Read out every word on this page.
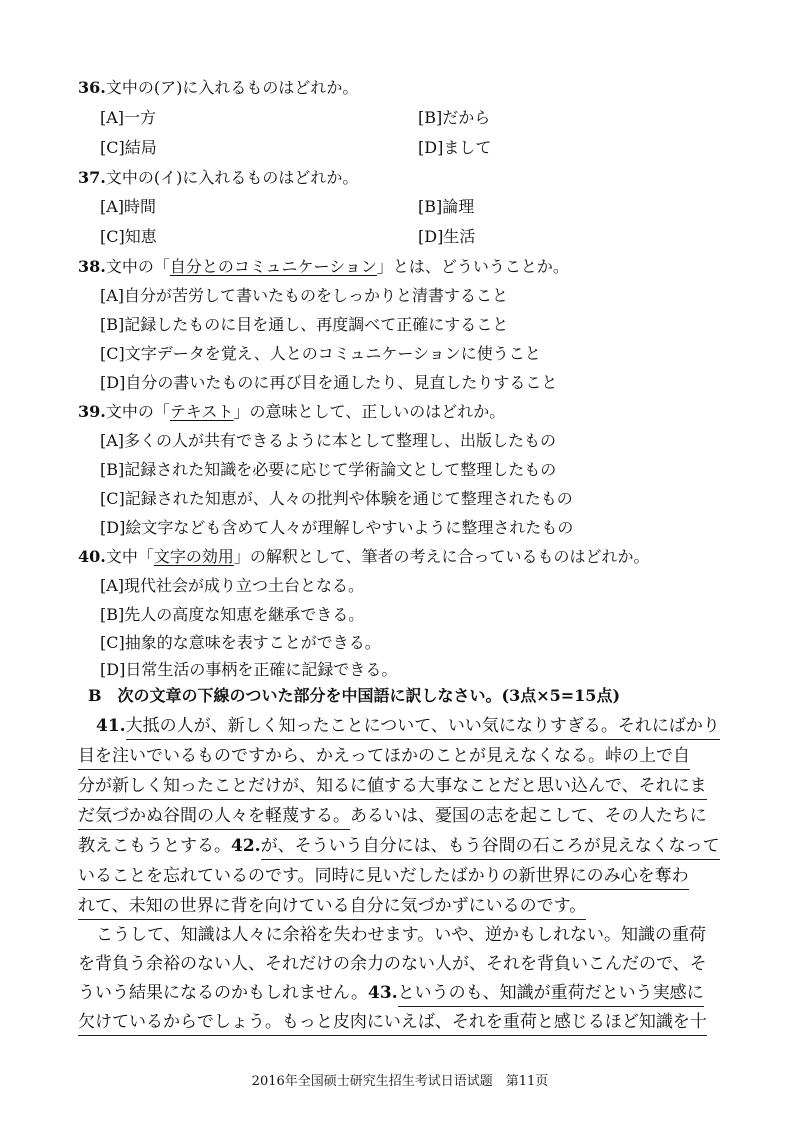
36.文中の(ア)に入れるものはどれか。
[A]一方	[B]だから
[C]結局	[D]まして
37.文中の(イ)に入れるものはどれか。
[A]時間	[B]論理
[C]知恵	[D]生活
38.文中の「自分とのコミュニケーション」とは、どういうことか。
[A]自分が苦労して書いたものをしっかりと清書すること
[B]記録したものに目を通し、再度調べて正確にすること
[C]文字データを覚え、人とのコミュニケーションに使うこと
[D]自分の書いたものに再び目を通したり、見直したりすること
39.文中の「テキスト」の意味として、正しいのはどれか。
[A]多くの人が共有できるように本として整理し、出版したもの
[B]記録された知識を必要に応じて学術論文として整理したもの
[C]記録された知恵が、人々の批判や体験を通じて整理されたもの
[D]絵文字なども含めて人々が理解しやすいように整理されたもの
40.文中「文字の効用」の解釈として、筆者の考えに合っているものはどれか。
[A]現代社会が成り立つ土台となる。
[B]先人の高度な知恵を継承できる。
[C]抽象的な意味を表すことができる。
[D]日常生活の事柄を正確に記録できる。
B　次の文章の下線のついた部分を中国語に訳しなさい。(3点×5=15点)
41.大抵の人が、新しく知ったことについて、いい気になりすぎる。それにばかり
目を注いでいるものですから、かえってほかのことが見えなくなる。峠の上で自
分が新しく知ったことだけが、知るに値する大事なことだと思い込んで、それにま
だ気づかぬ谷間の人々を軽蔑する。あるいは、憂国の志を起こして、その人たちに
教えこもうとする。42.が、そういう自分には、もう谷間の石ころが見えなくなって
いることを忘れているのです。同時に見いだしたばかりの新世界にのみ心を奪わ
れて、未知の世界に背を向けている自分に気づかずにいるのです。
こうして、知識は人々に余裕を失わせます。いや、逆かもしれない。知識の重荷
を背負う余裕のない人、それだけの余力のない人が、それを背負いこんだので、そ
ういう結果になるのかもしれません。43.というのも、知識が重荷だという実感に
欠けているからでしょう。もっと皮肉にいえば、それを重荷と感じるほど知識を十
2016年全国硕士研究生招生考试日语试题　第11页
